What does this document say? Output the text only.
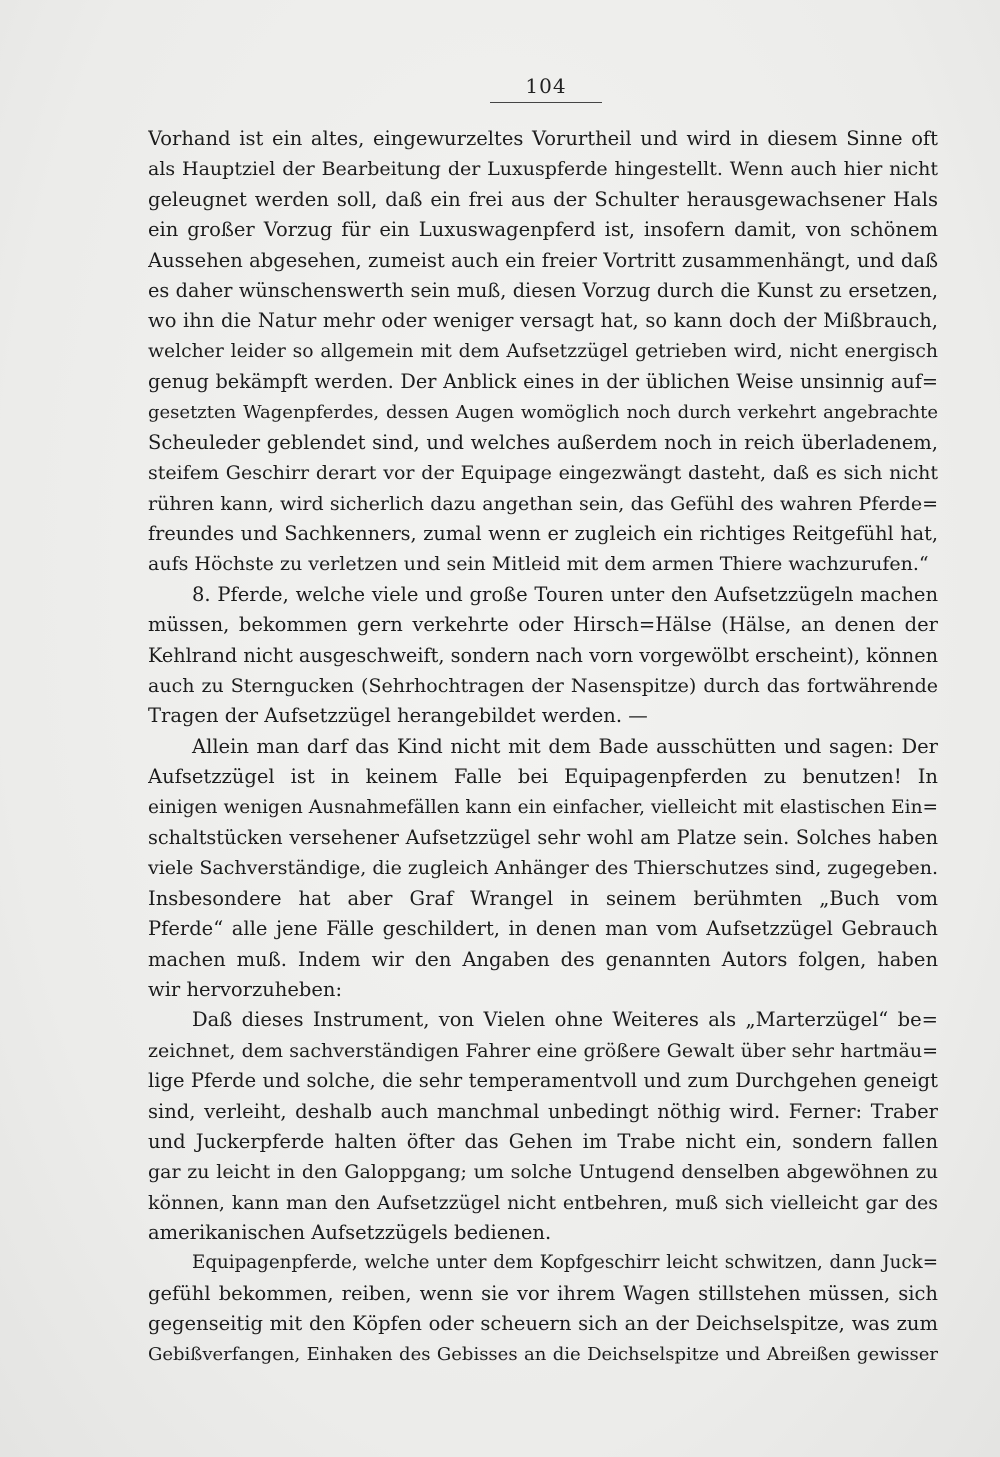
104
Vorhand ist ein altes, eingewurzeltes Vorurtheil und wird in diesem Sinne oft
als Hauptziel der Bearbeitung der Luxuspferde hingestellt. Wenn auch hier nicht
geleugnet werden soll, daß ein frei aus der Schulter herausgewachsener Hals
ein großer Vorzug für ein Luxuswagenpferd ist, insofern damit, von schönem
Aussehen abgesehen, zumeist auch ein freier Vortritt zusammenhängt, und daß
es daher wünschenswerth sein muß, diesen Vorzug durch die Kunst zu ersetzen,
wo ihn die Natur mehr oder weniger versagt hat, so kann doch der Mißbrauch,
welcher leider so allgemein mit dem Aufsetzzügel getrieben wird, nicht energisch
genug bekämpft werden. Der Anblick eines in der üblichen Weise unsinnig auf=
gesetzten Wagenpferdes, dessen Augen womöglich noch durch verkehrt angebrachte
Scheuleder geblendet sind, und welches außerdem noch in reich überladenem,
steifem Geschirr derart vor der Equipage eingezwängt dasteht, daß es sich nicht
rühren kann, wird sicherlich dazu angethan sein, das Gefühl des wahren Pferde=
freundes und Sachkenners, zumal wenn er zugleich ein richtiges Reitgefühl hat,
aufs Höchste zu verletzen und sein Mitleid mit dem armen Thiere wachzurufen.“
8. Pferde, welche viele und große Touren unter den Aufsetzzügeln machen
müssen, bekommen gern verkehrte oder Hirsch=Hälse (Hälse, an denen der
Kehlrand nicht ausgeschweift, sondern nach vorn vorgewölbt erscheint), können
auch zu Sterngucken (Sehrhochtragen der Nasenspitze) durch das fortwährende
Tragen der Aufsetzzügel herangebildet werden. —
Allein man darf das Kind nicht mit dem Bade ausschütten und sagen: Der
Aufsetzzügel ist in keinem Falle bei Equipagenpferden zu benutzen! In
einigen wenigen Ausnahmefällen kann ein einfacher, vielleicht mit elastischen Ein=
schaltstücken versehener Aufsetzzügel sehr wohl am Platze sein. Solches haben
viele Sachverständige, die zugleich Anhänger des Thierschutzes sind, zugegeben.
Insbesondere hat aber Graf Wrangel in seinem berühmten „Buch vom
Pferde“ alle jene Fälle geschildert, in denen man vom Aufsetzzügel Gebrauch
machen muß. Indem wir den Angaben des genannten Autors folgen, haben
wir hervorzuheben:
Daß dieses Instrument, von Vielen ohne Weiteres als „Marterzügel“ be=
zeichnet, dem sachverständigen Fahrer eine größere Gewalt über sehr hartmäu=
lige Pferde und solche, die sehr temperamentvoll und zum Durchgehen geneigt
sind, verleiht, deshalb auch manchmal unbedingt nöthig wird. Ferner: Traber
und Juckerpferde halten öfter das Gehen im Trabe nicht ein, sondern fallen
gar zu leicht in den Galoppgang; um solche Untugend denselben abgewöhnen zu
können, kann man den Aufsetzzügel nicht entbehren, muß sich vielleicht gar des
amerikanischen Aufsetzzügels bedienen.
Equipagenpferde, welche unter dem Kopfgeschirr leicht schwitzen, dann Juck=
gefühl bekommen, reiben, wenn sie vor ihrem Wagen stillstehen müssen, sich
gegenseitig mit den Köpfen oder scheuern sich an der Deichselspitze, was zum
Gebißverfangen, Einhaken des Gebisses an die Deichselspitze und Abreißen gewisser
